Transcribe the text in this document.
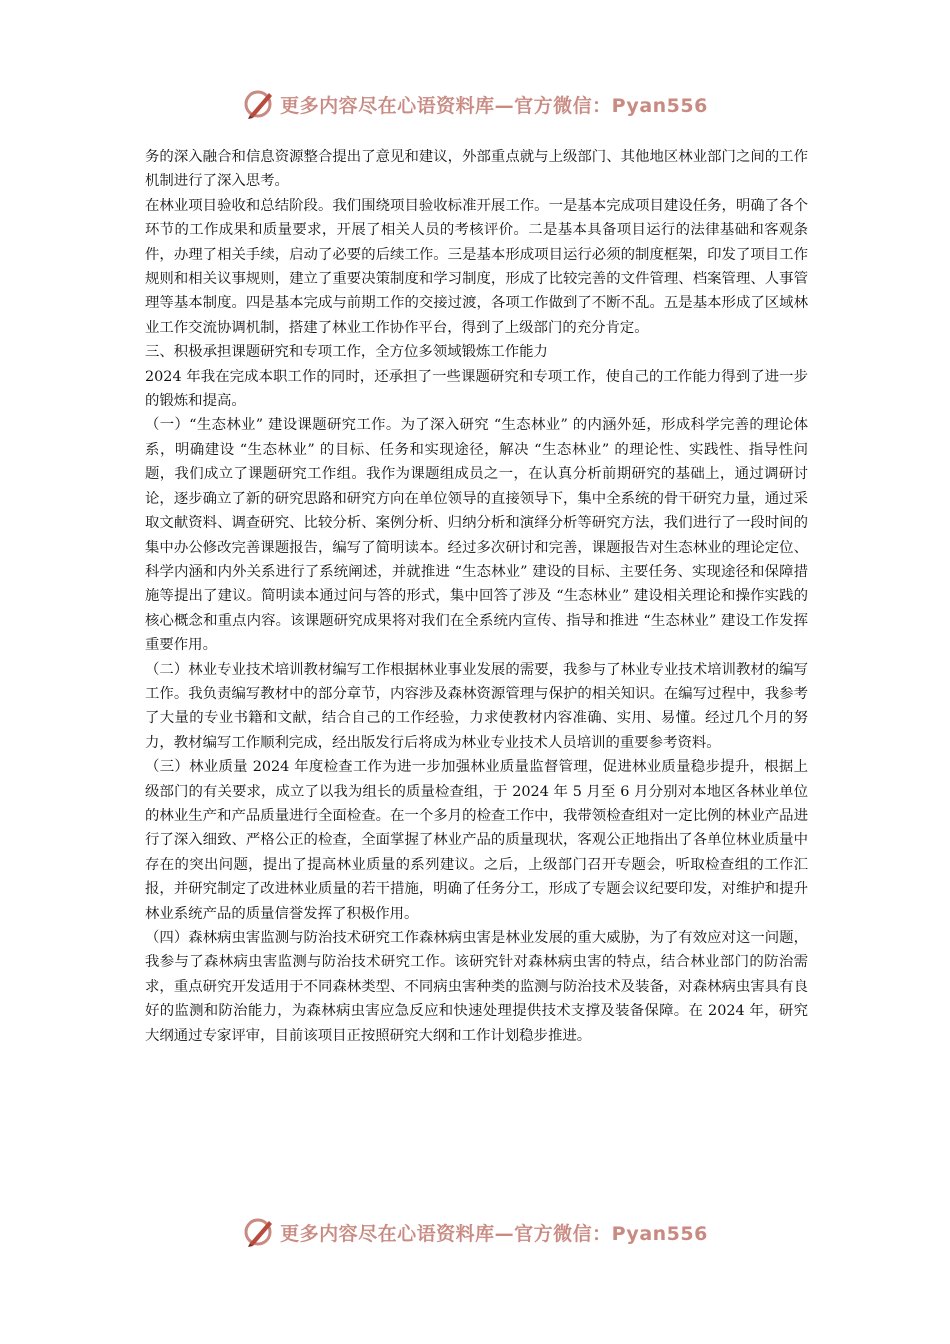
更多内容尽在心语资料库—官方微信：Pyan556

务的深入融合和信息资源整合提出了意见和建议，外部重点就与上级部门、其他地区林业部门之间的工作机制进行了深入思考。

在林业项目验收和总结阶段。我们围绕项目验收标准开展工作。一是基本完成项目建设任务，明确了各个环节的工作成果和质量要求，开展了相关人员的考核评价。二是基本具备项目运行的法律基础和客观条件，办理了相关手续，启动了必要的后续工作。三是基本形成项目运行必须的制度框架，印发了项目工作规则和相关议事规则，建立了重要决策制度和学习制度，形成了比较完善的文件管理、档案管理、人事管理等基本制度。四是基本完成与前期工作的交接过渡，各项工作做到了不断不乱。五是基本形成了区域林业工作交流协调机制，搭建了林业工作协作平台，得到了上级部门的充分肯定。

三、积极承担课题研究和专项工作，全方位多领域锻炼工作能力

2024 年我在完成本职工作的同时，还承担了一些课题研究和专项工作，使自己的工作能力得到了进一步的锻炼和提高。

（一）“生态林业” 建设课题研究工作。为了深入研究 “生态林业” 的内涵外延，形成科学完善的理论体系，明确建设 “生态林业” 的目标、任务和实现途径，解决 “生态林业” 的理论性、实践性、指导性问题，我们成立了课题研究工作组。我作为课题组成员之一，在认真分析前期研究的基础上，通过调研讨论，逐步确立了新的研究思路和研究方向在单位领导的直接领导下，集中全系统的骨干研究力量，通过采取文献资料、调查研究、比较分析、案例分析、归纳分析和演绎分析等研究方法，我们进行了一段时间的集中办公修改完善课题报告，编写了简明读本。经过多次研讨和完善，课题报告对生态林业的理论定位、科学内涵和内外关系进行了系统阐述，并就推进 “生态林业” 建设的目标、主要任务、实现途径和保障措施等提出了建议。简明读本通过问与答的形式，集中回答了涉及 “生态林业” 建设相关理论和操作实践的核心概念和重点内容。该课题研究成果将对我们在全系统内宣传、指导和推进 “生态林业” 建设工作发挥重要作用。

（二）林业专业技术培训教材编写工作根据林业事业发展的需要，我参与了林业专业技术培训教材的编写工作。我负责编写教材中的部分章节，内容涉及森林资源管理与保护的相关知识。在编写过程中，我参考了大量的专业书籍和文献，结合自己的工作经验，力求使教材内容准确、实用、易懂。经过几个月的努力，教材编写工作顺利完成，经出版发行后将成为林业专业技术人员培训的重要参考资料。

（三）林业质量 2024 年度检查工作为进一步加强林业质量监督管理，促进林业质量稳步提升，根据上级部门的有关要求，成立了以我为组长的质量检查组，于 2024 年 5 月至 6 月分别对本地区各林业单位的林业生产和产品质量进行全面检查。在一个多月的检查工作中，我带领检查组对一定比例的林业产品进行了深入细致、严格公正的检查，全面掌握了林业产品的质量现状，客观公正地指出了各单位林业质量中存在的突出问题，提出了提高林业质量的系列建议。之后，上级部门召开专题会，听取检查组的工作汇报，并研究制定了改进林业质量的若干措施，明确了任务分工，形成了专题会议纪要印发，对维护和提升林业系统产品的质量信誉发挥了积极作用。

（四）森林病虫害监测与防治技术研究工作森林病虫害是林业发展的重大威胁，为了有效应对这一问题，我参与了森林病虫害监测与防治技术研究工作。该研究针对森林病虫害的特点，结合林业部门的防治需求，重点研究开发适用于不同森林类型、不同病虫害种类的监测与防治技术及装备，对森林病虫害具有良好的监测和防治能力，为森林病虫害应急反应和快速处理提供技术支撑及装备保障。在 2024 年，研究大纲通过专家评审，目前该项目正按照研究大纲和工作计划稳步推进。

更多内容尽在心语资料库—官方微信：Pyan556
